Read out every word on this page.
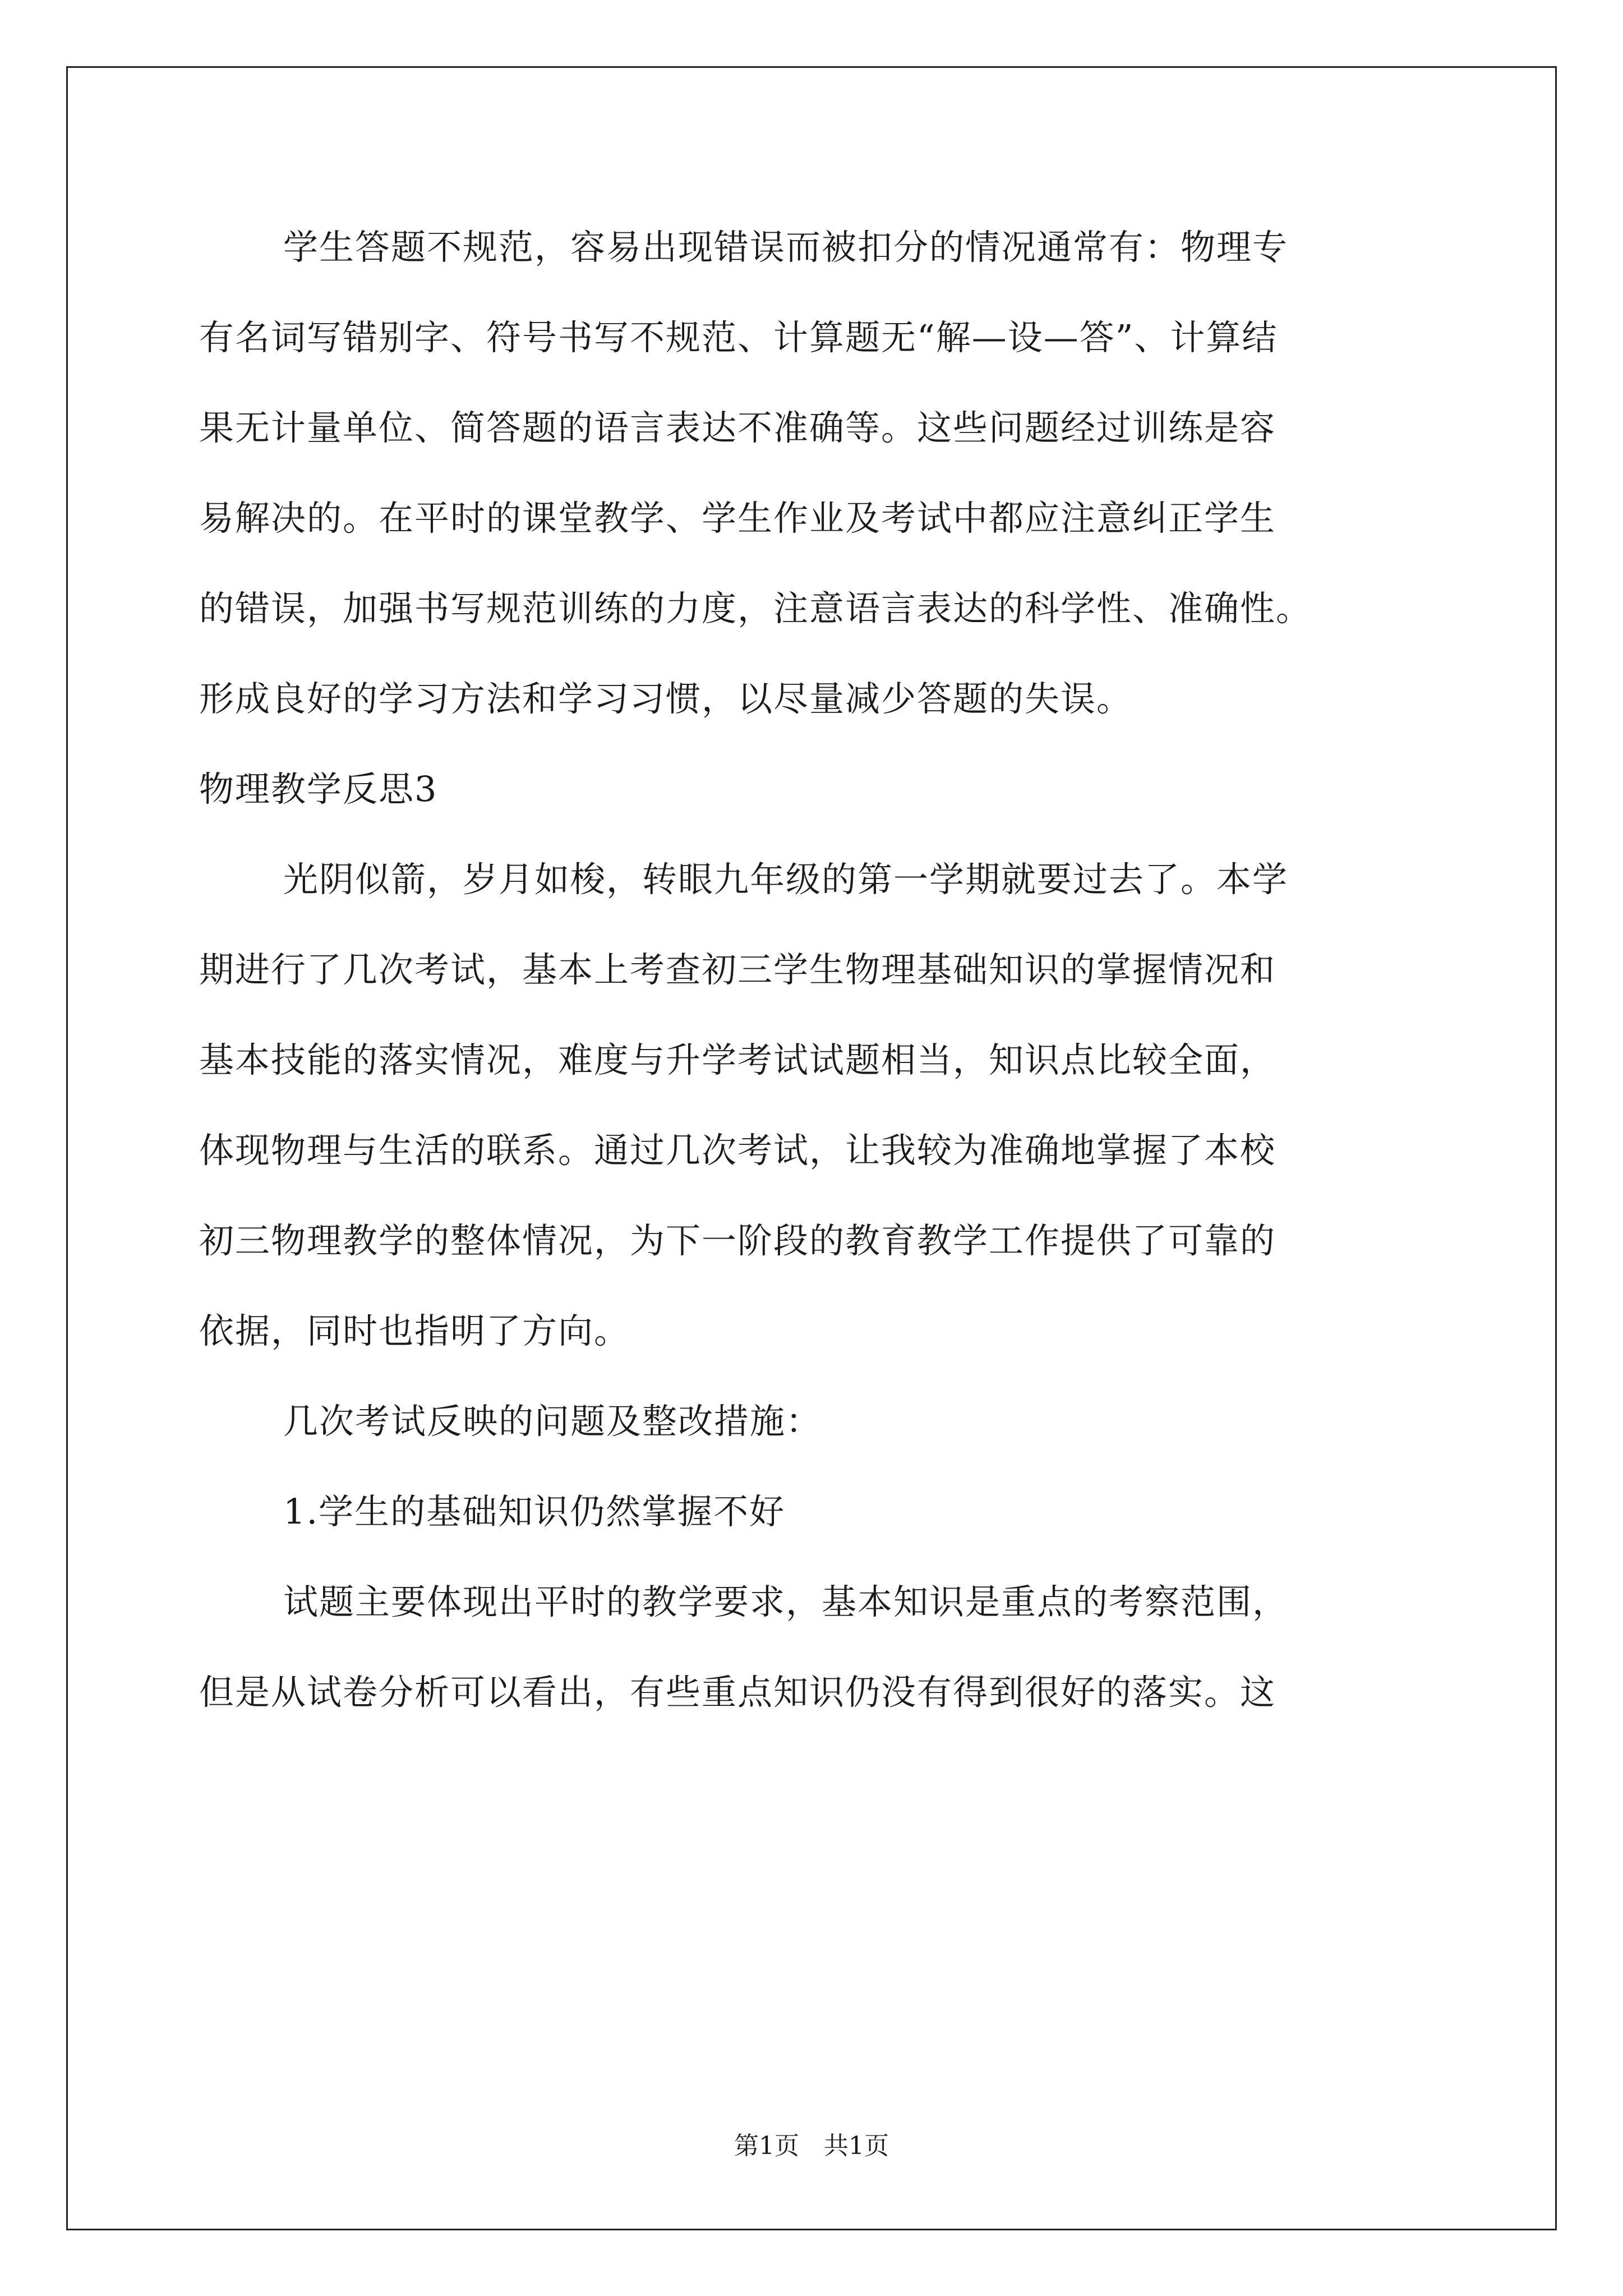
学生答题不规范，容易出现错误而被扣分的情况通常有：物理专
有名词写错别字、符号书写不规范、计算题无“解—设—答”、计算结
果无计量单位、简答题的语言表达不准确等。这些问题经过训练是容
易解决的。在平时的课堂教学、学生作业及考试中都应注意纠正学生
的错误，加强书写规范训练的力度，注意语言表达的科学性、准确性。
形成良好的学习方法和学习习惯，以尽量减少答题的失误。
物理教学反思3
光阴似箭，岁月如梭，转眼九年级的第一学期就要过去了。本学
期进行了几次考试，基本上考查初三学生物理基础知识的掌握情况和
基本技能的落实情况，难度与升学考试试题相当，知识点比较全面，
体现物理与生活的联系。通过几次考试，让我较为准确地掌握了本校
初三物理教学的整体情况，为下一阶段的教育教学工作提供了可靠的
依据，同时也指明了方向。
几次考试反映的问题及整改措施：
1.学生的基础知识仍然掌握不好
试题主要体现出平时的教学要求，基本知识是重点的考察范围，
但是从试卷分析可以看出，有些重点知识仍没有得到很好的落实。这
第1页　共1页
